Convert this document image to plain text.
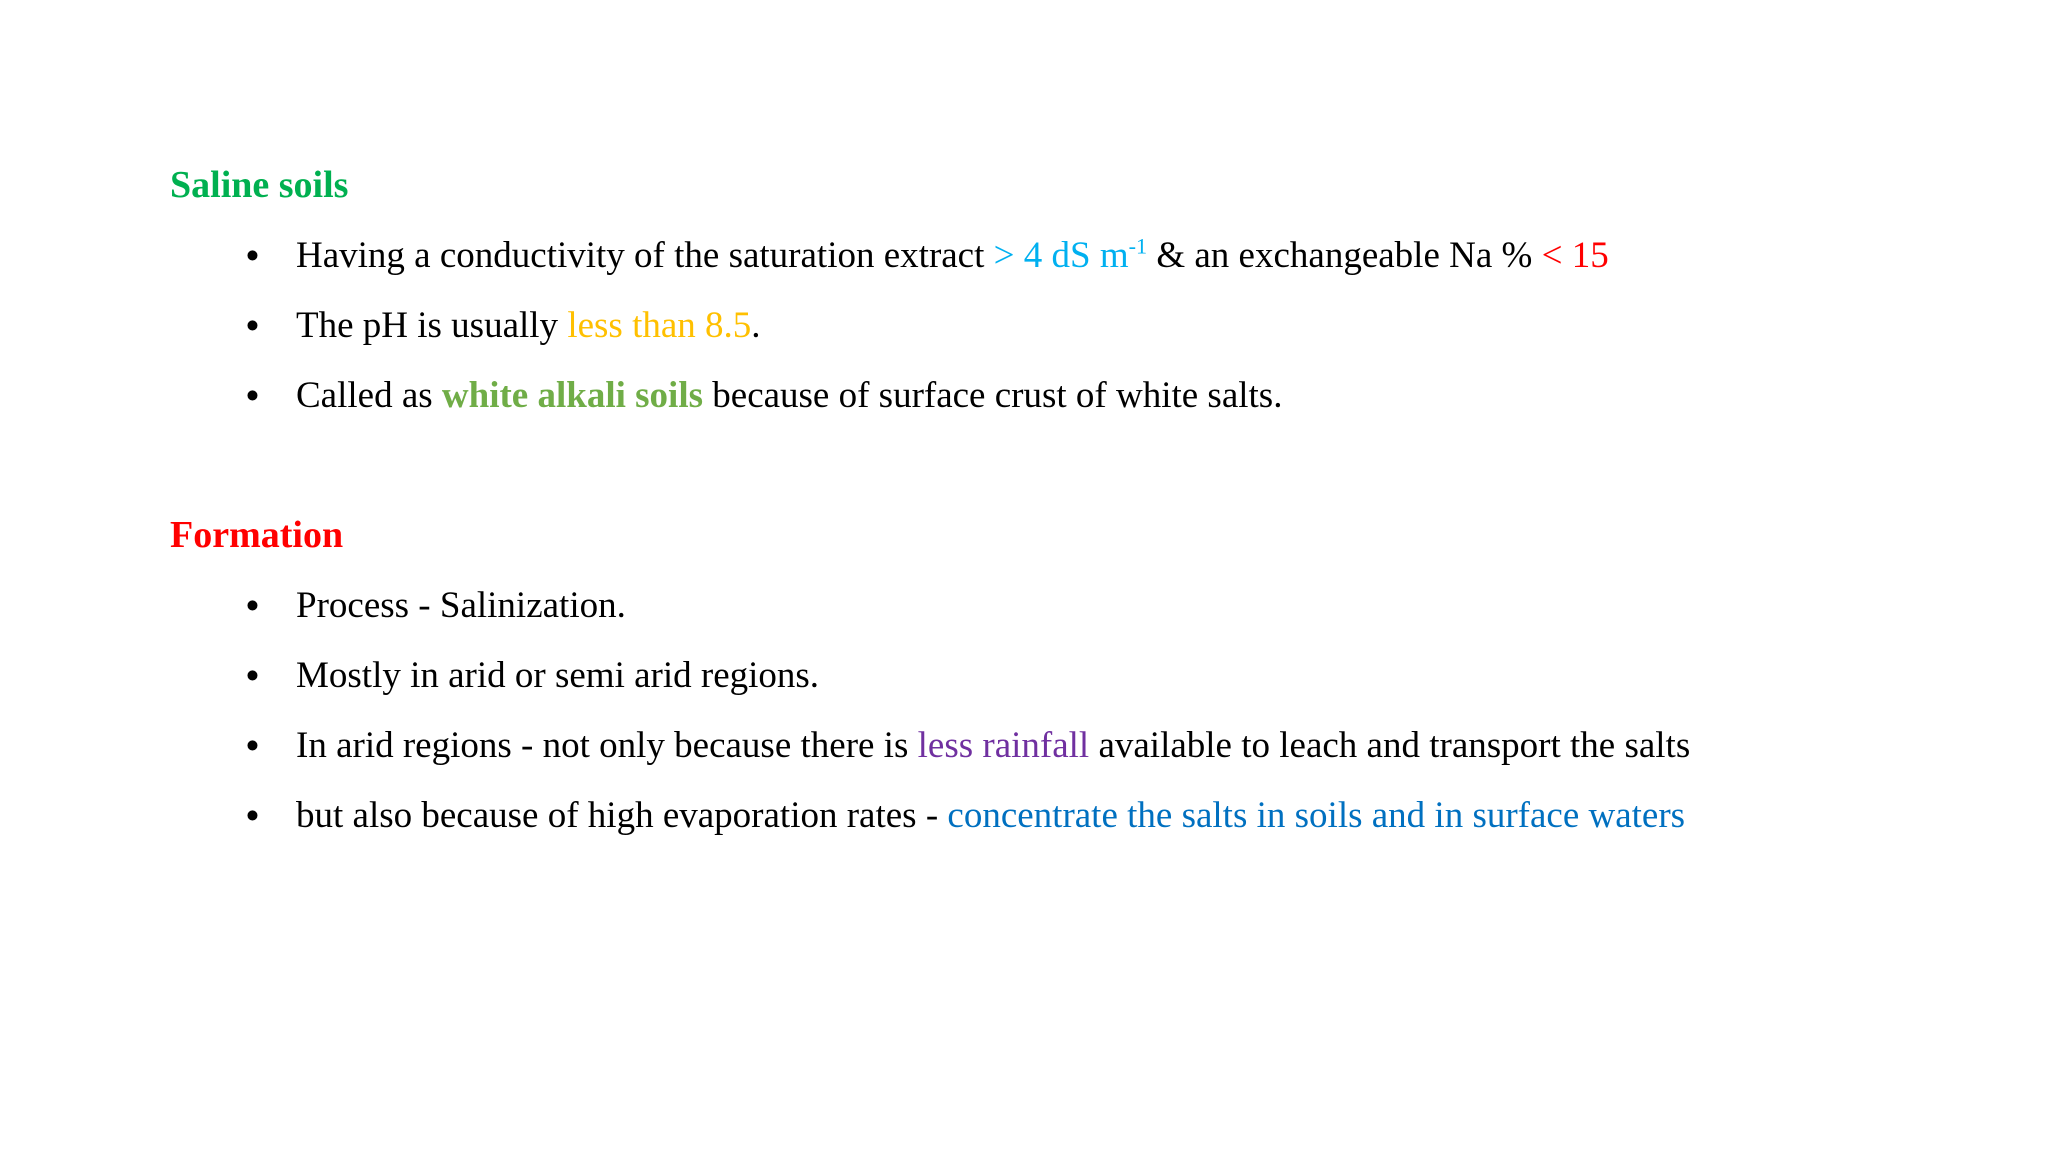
Saline soils
• Having a conductivity of the saturation extract > 4 dS $m^{-1}$ & an exchangeable Na % < 15
• The pH is usually less than 8.5.
• Called as white alkali soils because of surface crust of white salts.
Formation
• Process - Salinization.
• Mostly in arid or semi arid regions.
• In arid regions - not only because there is less rainfall available to leach and transport the salts
• but also because of high evaporation rates - concentrate the salts in soils and in surface waters
